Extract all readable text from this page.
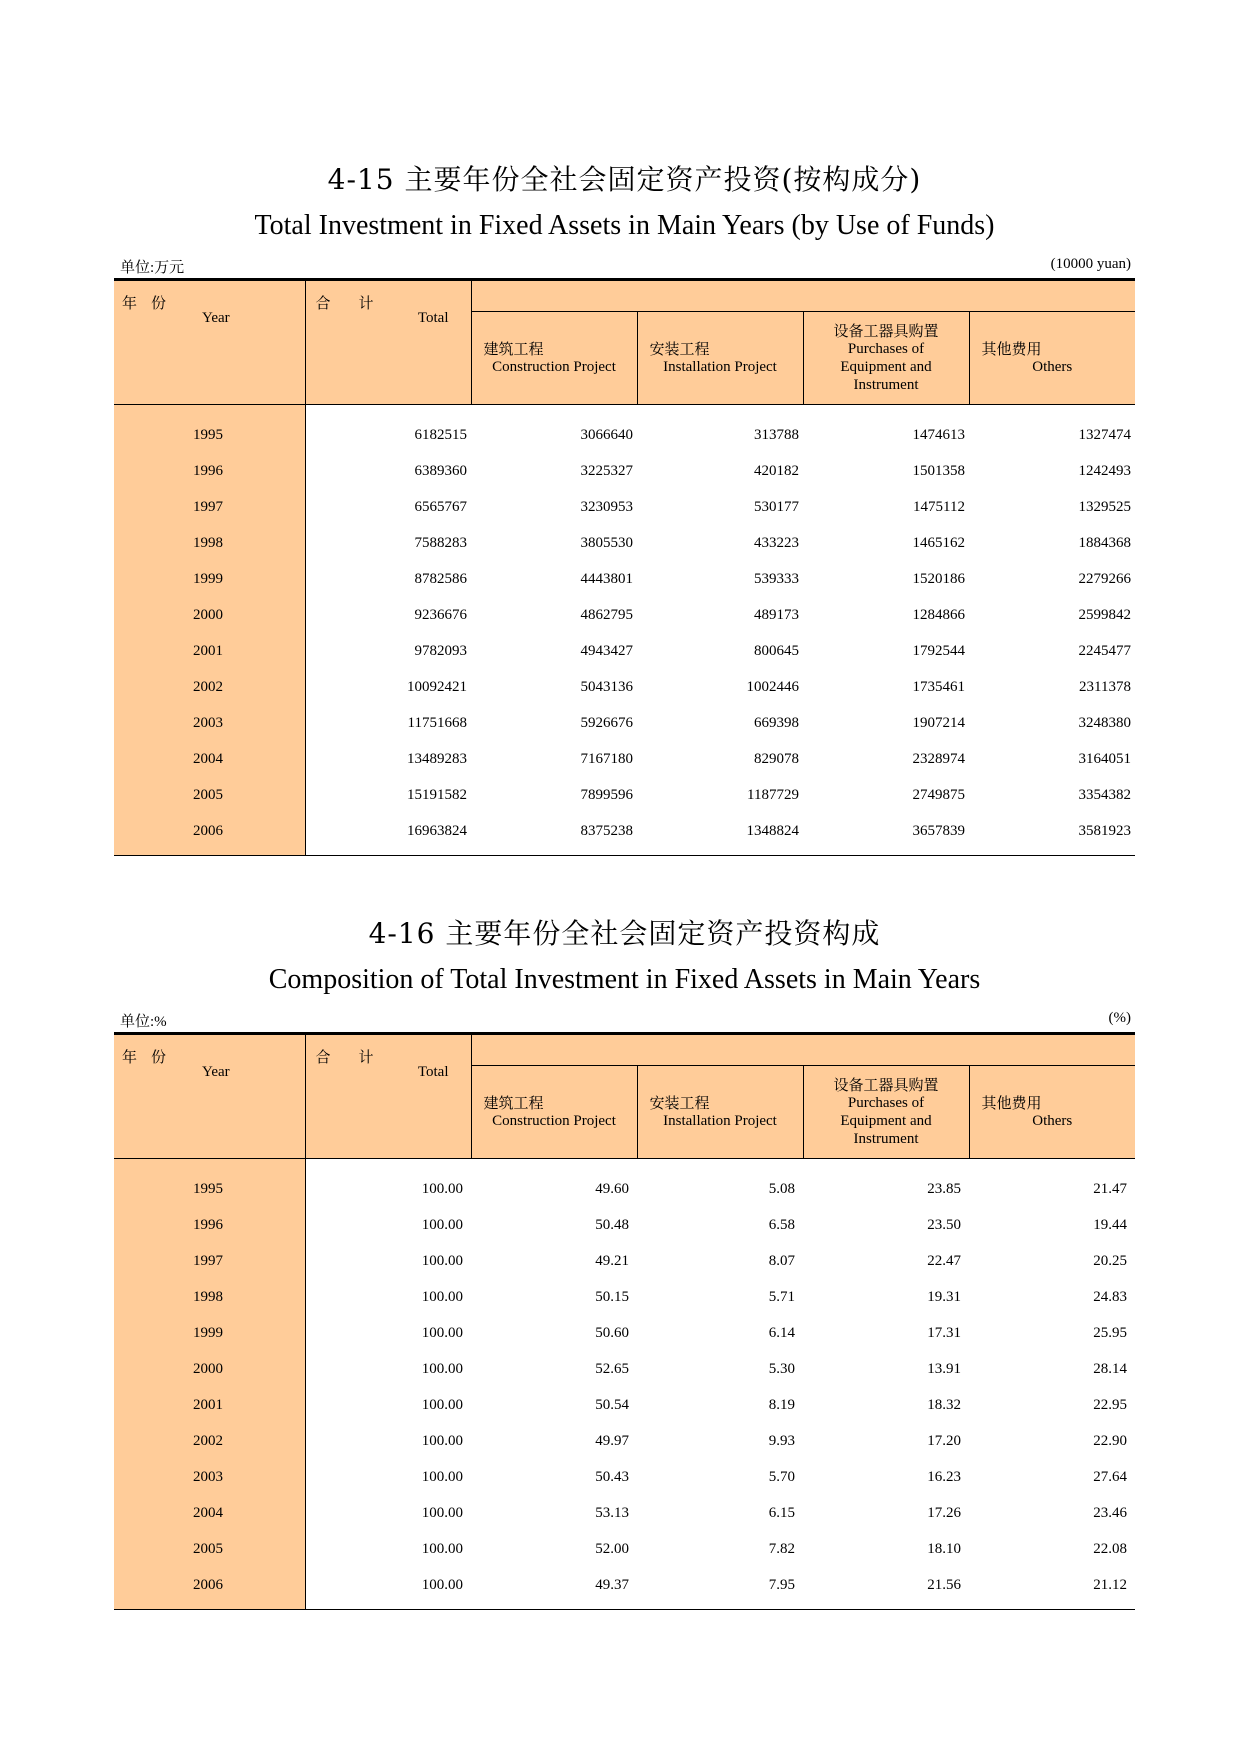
4-15 主要年份全社会固定资产投资(按构成分)
Total Investment in Fixed Assets in Main Years (by Use of Funds)
单位:万元	(10000 yuan)
年份
Year	合计
Total				

		建筑工程
Construction Project	安装工程
Installation Project	设备工器具购置
Purchases of
Equipment and
Instrument	其他费用
Others

1995	6182515	3066640	313788	1474613	1327474
1996	6389360	3225327	420182	1501358	1242493
1997	6565767	3230953	530177	1475112	1329525
1998	7588283	3805530	433223	1465162	1884368
1999	8782586	4443801	539333	1520186	2279266
2000	9236676	4862795	489173	1284866	2599842
2001	9782093	4943427	800645	1792544	2245477
2002	10092421	5043136	1002446	1735461	2311378
2003	11751668	5926676	669398	1907214	3248380
2004	13489283	7167180	829078	2328974	3164051
2005	15191582	7899596	1187729	2749875	3354382
2006	16963824	8375238	1348824	3657839	3581923
4-16 主要年份全社会固定资产投资构成
Composition of Total Investment in Fixed Assets in Main Years
单位:%	(%)
年份
Year	合计
Total				

		建筑工程
Construction Project	安装工程
Installation Project	设备工器具购置
Purchases of
Equipment and
Instrument	其他费用
Others

1995	100.00	49.60	5.08	23.85	21.47
1996	100.00	50.48	6.58	23.50	19.44
1997	100.00	49.21	8.07	22.47	20.25
1998	100.00	50.15	5.71	19.31	24.83
1999	100.00	50.60	6.14	17.31	25.95
2000	100.00	52.65	5.30	13.91	28.14
2001	100.00	50.54	8.19	18.32	22.95
2002	100.00	49.97	9.93	17.20	22.90
2003	100.00	50.43	5.70	16.23	27.64
2004	100.00	53.13	6.15	17.26	23.46
2005	100.00	52.00	7.82	18.10	22.08
2006	100.00	49.37	7.95	21.56	21.12
